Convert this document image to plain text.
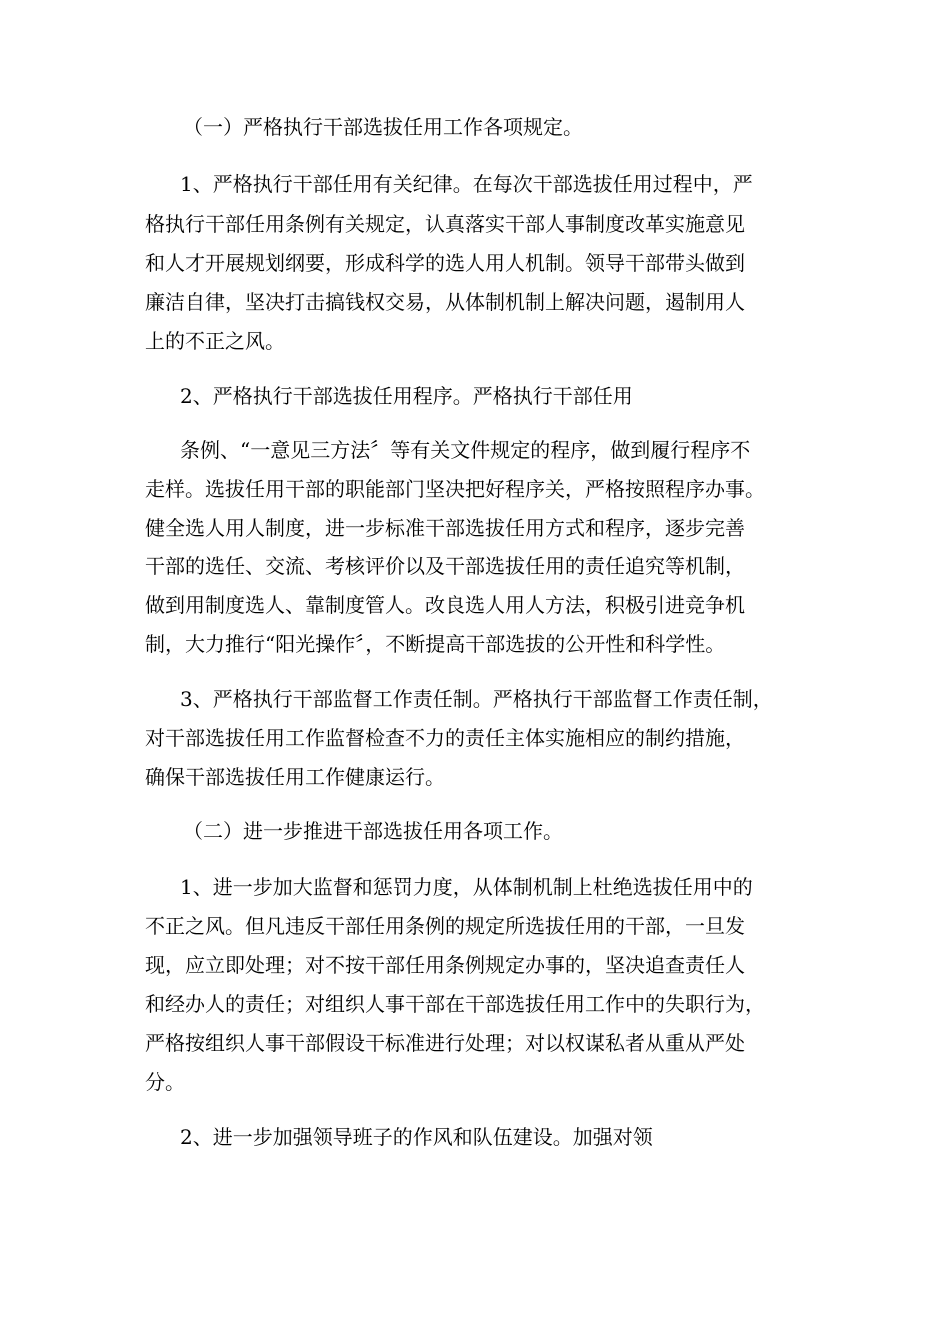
（一）严格执行干部选拔任用工作各项规定。

1、严格执行干部任用有关纪律。在每次干部选拔任用过程中，严

格执行干部任用条例有关规定，认真落实干部人事制度改革实施意见

和人才开展规划纲要，形成科学的选人用人机制。领导干部带头做到

廉洁自律，坚决打击搞钱权交易，从体制机制上解决问题，遏制用人

上的不正之风。

2、严格执行干部选拔任用程序。严格执行干部任用

条例、“一意见三方法〞等有关文件规定的程序，做到履行程序不

走样。选拔任用干部的职能部门坚决把好程序关，严格按照程序办事。

健全选人用人制度，进一步标准干部选拔任用方式和程序，逐步完善

干部的选任、交流、考核评价以及干部选拔任用的责任追究等机制，

做到用制度选人、靠制度管人。改良选人用人方法，积极引进竞争机

制，大力推行“阳光操作〞，不断提高干部选拔的公开性和科学性。

3、严格执行干部监督工作责任制。严格执行干部监督工作责任制，

对干部选拔任用工作监督检查不力的责任主体实施相应的制约措施，

确保干部选拔任用工作健康运行。

（二）进一步推进干部选拔任用各项工作。

1、进一步加大监督和惩罚力度，从体制机制上杜绝选拔任用中的

不正之风。但凡违反干部任用条例的规定所选拔任用的干部，一旦发

现，应立即处理；对不按干部任用条例规定办事的，坚决追查责任人

和经办人的责任；对组织人事干部在干部选拔任用工作中的失职行为，

严格按组织人事干部假设干标准进行处理；对以权谋私者从重从严处

分。

2、进一步加强领导班子的作风和队伍建设。加强对领
